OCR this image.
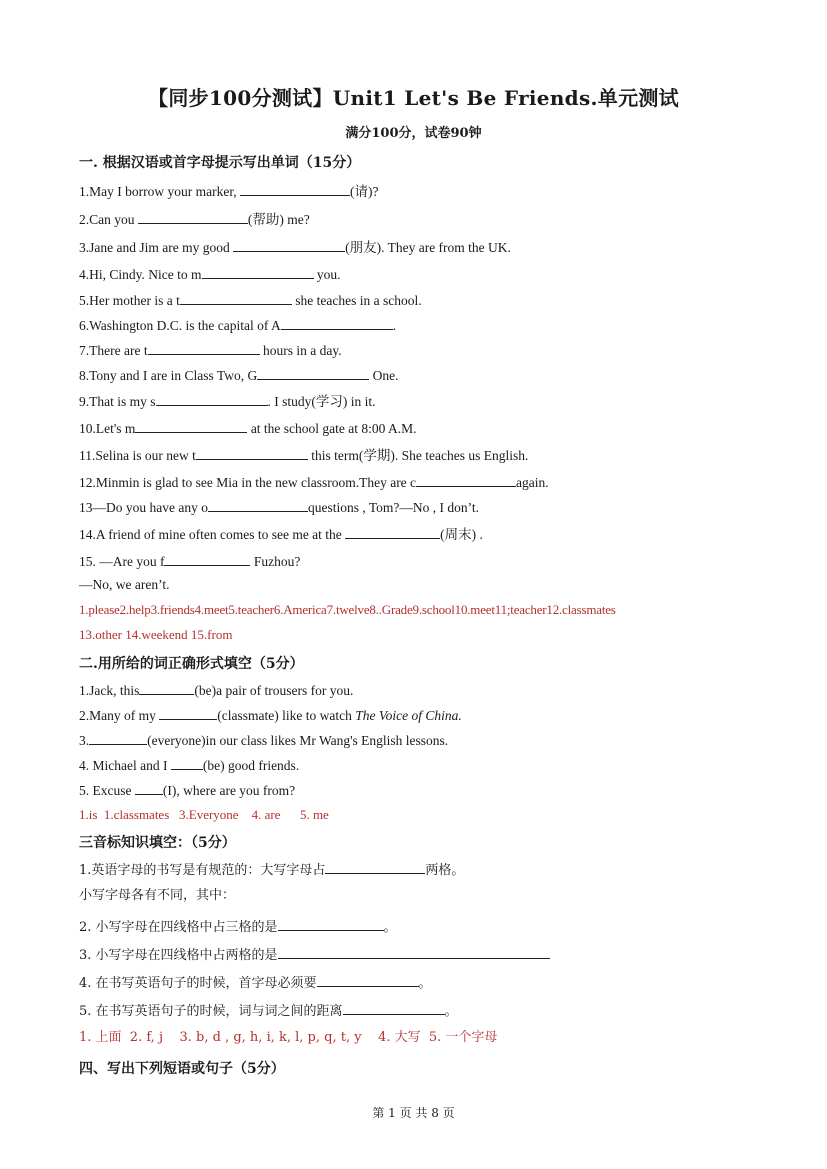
【同步100分测试】Unit1 Let's Be Friends.单元测试
满分100分，试卷90钟
一. 根据汉语或首字母提示写出单词（15分）
1.May I borrow your marker,	(请)?
2.Can you	(帮助) me?
3.Jane and Jim are my good	(朋友). They are from the UK.
4.Hi, Cindy. Nice to m	you.
5.Her mother is a t	she teaches in a school.
6.Washington D.C. is the capital of A	.
7.There are t	hours in a day.
8.Tony and I are in Class Two, G	One.
9.That is my s	. I study(学习) in it.
10.Let's m	at the school gate at 8:00 A.M.
11.Selina is our new t	this term(学期). She teaches us English.
12.Minmin is glad to see Mia in the new classroom.They are c	again.
13—Do you have any o	questions , Tom?—No , I don’t.
14.A friend of mine often comes to see me at the	(周末) .
15. —Are you f	Fuzhou?
—No, we aren’t.
1.please2.help3.friends4.meet5.teacher6.America7.twelve8..Grade9.school10.meet11;teacher12.classmates
13.other 14.weekend 15.from
二.用所给的词正确形式填空（5分）
1.Jack, this	(be)a pair of trousers for you.
2.Many of my	(classmate) like to watch The Voice of China.
3.	(everyone)in our class likes Mr Wang's English lessons.
4. Michael and I (be) good friends.
5. Excuse (I), where are you from?
1.is  1.classmates   3.Everyone    4. are      5. me
三音标知识填空：（5分）
1.英语字母的书写是有规范的：大写字母占	两格。
小写字母各有不同，其中：
2. 小写字母在四线格中占三格的是	。
3. 小写字母在四线格中占两格的是
4. 在书写英语句子的时候，首字母必须要	。
5. 在书写英语句子的时候，词与词之间的距离	。
1. 上面  2. f, j    3. b, d , g, h, i, k, l, p, q, t, y    4. 大写  5. 一个字母
四、写出下列短语或句子（5分）
第 1 页 共 8 页
